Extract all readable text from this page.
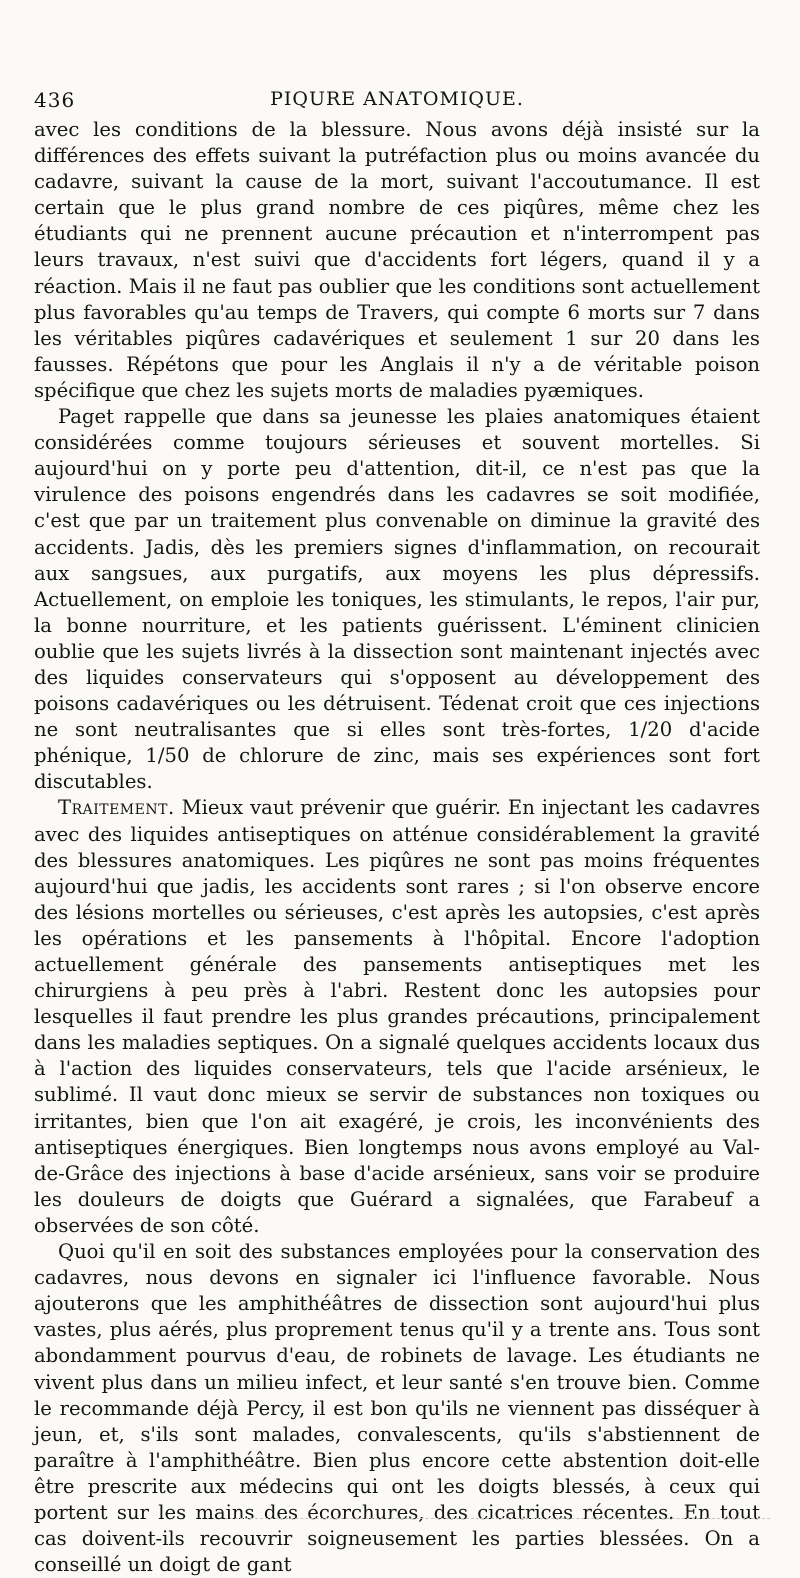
436	PIQURE ANATOMIQUE.

avec les conditions de la blessure. Nous avons déjà insisté sur la différences des effets suivant la putréfaction plus ou moins avancée du cadavre, suivant la cause de la mort, suivant l'accoutumance. Il est certain que le plus grand nombre de ces piqûres, même chez les étudiants qui ne prennent aucune précaution et n'interrompent pas leurs travaux, n'est suivi que d'accidents fort légers, quand il y a réaction. Mais il ne faut pas oublier que les conditions sont actuellement plus favorables qu'au temps de Travers, qui compte 6 morts sur 7 dans les véritables piqûres cadavériques et seulement 1 sur 20 dans les fausses. Répétons que pour les Anglais il n'y a de véritable poison spécifique que chez les sujets morts de maladies pyæmiques.

Paget rappelle que dans sa jeunesse les plaies anatomiques étaient considérées comme toujours sérieuses et souvent mortelles. Si aujourd'hui on y porte peu d'attention, dit-il, ce n'est pas que la virulence des poisons engendrés dans les cadavres se soit modifiée, c'est que par un traitement plus convenable on diminue la gravité des accidents. Jadis, dès les premiers signes d'inflammation, on recourait aux sangsues, aux purgatifs, aux moyens les plus dépressifs. Actuellement, on emploie les toniques, les stimulants, le repos, l'air pur, la bonne nourriture, et les patients guérissent. L'éminent clinicien oublie que les sujets livrés à la dissection sont maintenant injectés avec des liquides conservateurs qui s'opposent au développement des poisons cadavériques ou les détruisent. Tédenat croit que ces injections ne sont neutralisantes que si elles sont très-fortes, 1/20 d'acide phénique, 1/50 de chlorure de zinc, mais ses expériences sont fort discutables.

Traitement. Mieux vaut prévenir que guérir. En injectant les cadavres avec des liquides antiseptiques on atténue considérablement la gravité des blessures anatomiques. Les piqûres ne sont pas moins fréquentes aujourd'hui que jadis, les accidents sont rares ; si l'on observe encore des lésions mortelles ou sérieuses, c'est après les autopsies, c'est après les opérations et les pansements à l'hôpital. Encore l'adoption actuellement générale des pansements antiseptiques met les chirurgiens à peu près à l'abri. Restent donc les autopsies pour lesquelles il faut prendre les plus grandes précautions, principalement dans les maladies septiques. On a signalé quelques accidents locaux dus à l'action des liquides conservateurs, tels que l'acide arsénieux, le sublimé. Il vaut donc mieux se servir de substances non toxiques ou irritantes, bien que l'on ait exagéré, je crois, les inconvénients des antiseptiques énergiques. Bien longtemps nous avons employé au Val-de-Grâce des injections à base d'acide arsénieux, sans voir se produire les douleurs de doigts que Guérard a signalées, que Farabeuf a observées de son côté.

Quoi qu'il en soit des substances employées pour la conservation des cadavres, nous devons en signaler ici l'influence favorable. Nous ajouterons que les amphithéâtres de dissection sont aujourd'hui plus vastes, plus aérés, plus proprement tenus qu'il y a trente ans. Tous sont abondamment pourvus d'eau, de robinets de lavage. Les étudiants ne vivent plus dans un milieu infect, et leur santé s'en trouve bien. Comme le recommande déjà Percy, il est bon qu'ils ne viennent pas disséquer à jeun, et, s'ils sont malades, convalescents, qu'ils s'abstiennent de paraître à l'amphithéâtre. Bien plus encore cette abstention doit-elle être prescrite aux médecins qui ont les doigts blessés, à ceux qui portent sur les mains des écorchures, des cicatrices récentes. En tout cas doivent-ils recouvrir soigneusement les parties blessées. On a conseillé un doigt de gant
